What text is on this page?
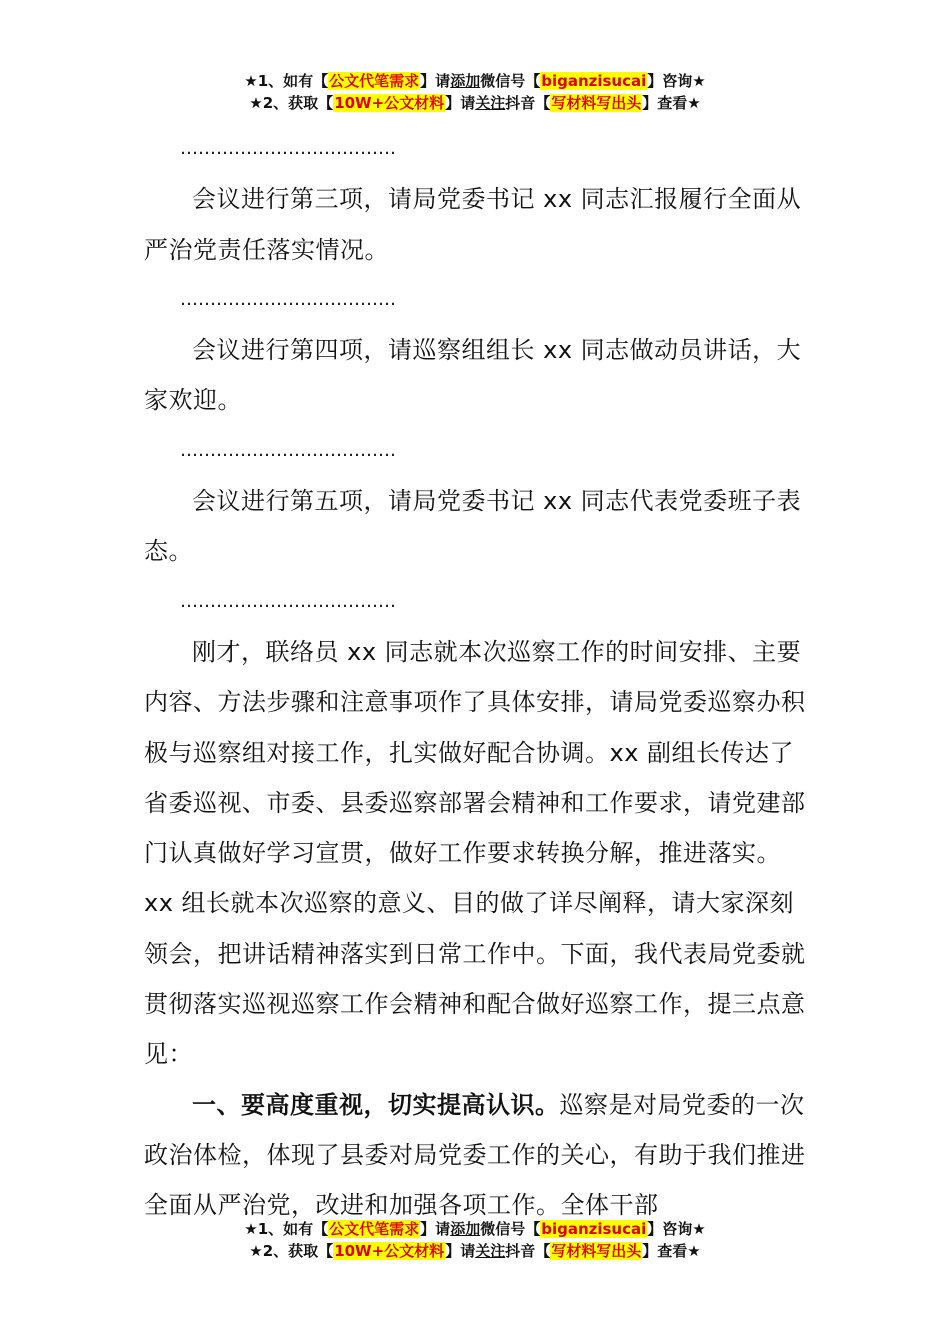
★1、如有【公文代笔需求】请添加微信号【biganzisucai】咨询★
★2、获取【10W+公文材料】请关注抖音【写材料写出头】查看★

………………………………

会议进行第三项，请局党委书记 xx 同志汇报履行全面从严治党责任落实情况。

………………………………

会议进行第四项，请巡察组组长 xx 同志做动员讲话，大家欢迎。

………………………………

会议进行第五项，请局党委书记 xx 同志代表党委班子表态。

………………………………

刚才，联络员 xx 同志就本次巡察工作的时间安排、主要内容、方法步骤和注意事项作了具体安排，请局党委巡察办积极与巡察组对接工作，扎实做好配合协调。xx 副组长传达了省委巡视、市委、县委巡察部署会精神和工作要求，请党建部门认真做好学习宣贯，做好工作要求转换分解，推进落实。xx 组长就本次巡察的意义、目的做了详尽阐释，请大家深刻领会，把讲话精神落实到日常工作中。下面，我代表局党委就贯彻落实巡视巡察工作会精神和配合做好巡察工作，提三点意见：

一、要高度重视，切实提高认识。巡察是对局党委的一次政治体检，体现了县委对局党委工作的关心，有助于我们推进全面从严治党，改进和加强各项工作。全体干部

★1、如有【公文代笔需求】请添加微信号【biganzisucai】咨询★
★2、获取【10W+公文材料】请关注抖音【写材料写出头】查看★
